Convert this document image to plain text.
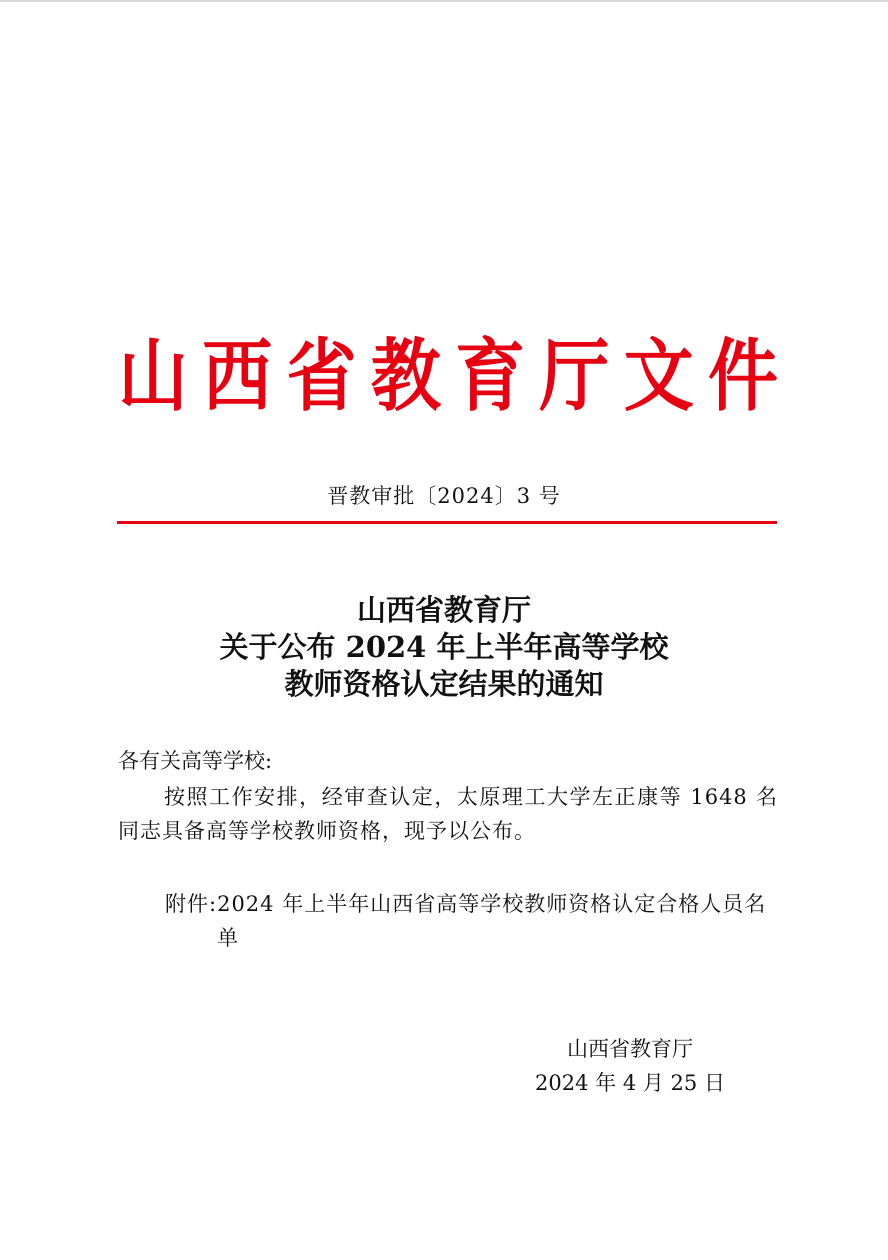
山 西 省 教 育 厅 文 件
晋教审批〔2024〕3 号
山西省教育厅
关于公布 2024 年上半年高等学校
教师资格认定结果的通知
各有关高等学校:
按照工作安排，经审查认定，太原理工大学左正康等 1648 名同志具备高等学校教师资格，现予以公布。
附件: 2024 年上半年山西省高等学校教师资格认定合格人员名单
山西省教育厅
2024 年 4 月 25 日
